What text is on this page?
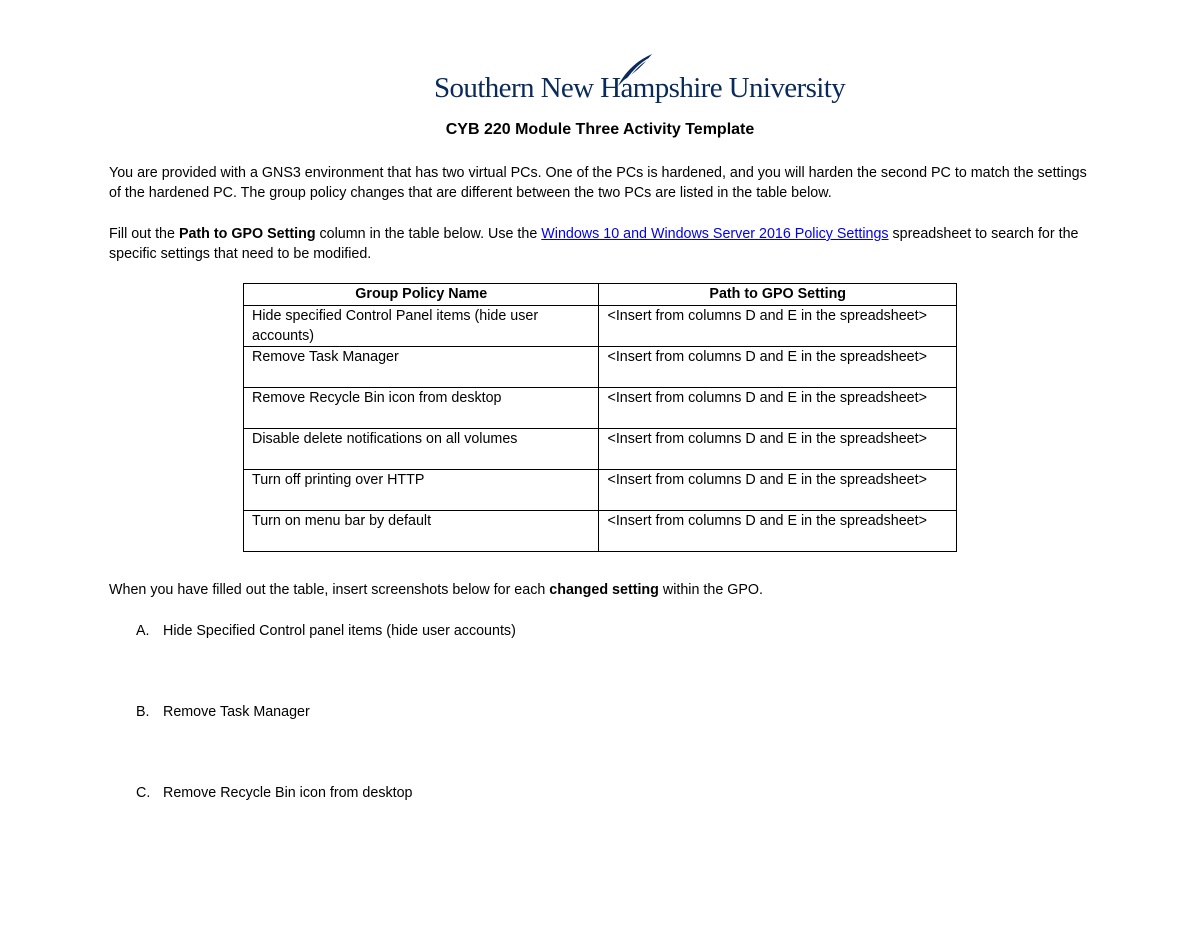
Southern New Hampshire University
CYB 220 Module Three Activity Template
You are provided with a GNS3 environment that has two virtual PCs. One of the PCs is hardened, and you will harden the second PC to match the settings of the hardened PC. The group policy changes that are different between the two PCs are listed in the table below.
Fill out the Path to GPO Setting column in the table below. Use the Windows 10 and Windows Server 2016 Policy Settings spreadsheet to search for the specific settings that need to be modified.
Group Policy Name	Path to GPO Setting
Hide specified Control Panel items (hide user accounts)	<Insert from columns D and E in the spreadsheet>
Remove Task Manager	<Insert from columns D and E in the spreadsheet>
Remove Recycle Bin icon from desktop	<Insert from columns D and E in the spreadsheet>
Disable delete notifications on all volumes	<Insert from columns D and E in the spreadsheet>
Turn off printing over HTTP	<Insert from columns D and E in the spreadsheet>
Turn on menu bar by default	<Insert from columns D and E in the spreadsheet>
When you have filled out the table, insert screenshots below for each changed setting within the GPO.
A. Hide Specified Control panel items (hide user accounts)
B. Remove Task Manager
C. Remove Recycle Bin icon from desktop
